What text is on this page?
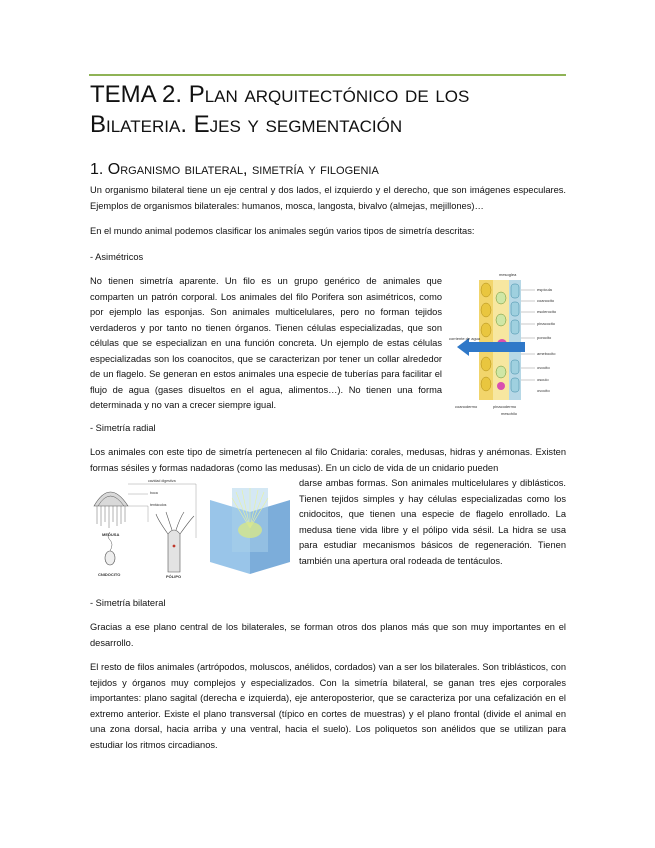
TEMA 2. Plan arquitectónico de los Bilateria. Ejes y segmentación
1. Organismo bilateral, simetría y filogenia

Un organismo bilateral tiene un eje central y dos lados, el izquierdo y el derecho, que son imágenes especulares. Ejemplos de organismos bilaterales: humanos, mosca, langosta, bivalvo (almejas, mejillones)…

En el mundo animal podemos clasificar los animales según varios tipos de simetría descritas:

- Asimétricos

No tienen simetría aparente. Un filo es un grupo genérico de animales que comparten un patrón corporal. Los animales del filo Porifera son asimétricos, como por ejemplo las esponjas. Son animales multicelulares, pero no forman tejidos verdaderos y por tanto no tienen órganos. Tienen células especializadas, que son células que se especializan en una función concreta. Un ejemplo de estas células especializadas son los coanocitos, que se caracterizan por tener un collar alrededor de un flagelo. Se generan en estos animales una especie de tuberías para facilitar el flujo de agua (gases disueltos en el agua, alimentos…). No tienen una forma determinada y no van a crecer siempre igual.

mesoglea
espícula
coanocito
esclerocito
pinacocito
porocito
amebocito
ovocito
corriente de agua
osculo
ovocito
pinacodermo
coanodermo
mesohilo

- Simetría radial

Los animales con este tipo de simetría pertenecen al filo Cnidaria: corales, medusas, hidras y anémonas. Existen formas sésiles y formas nadadoras (como las medusas). En un ciclo de vida de un cnidario pueden

darse ambas formas. Son animales multicelulares y diblásticos. Tienen tejidos simples y hay células especializadas como los cnidocitos, que tienen una especie de flagelo enrollado. La medusa tiene vida libre y el pólipo vida sésil. La hidra se usa para estudiar mecanismos básicos de regeneración. Tienen también una apertura oral rodeada de tentáculos.

MEDUSA
CNIDOCITO	PÓLIPO
cavidad digestiva
boca
tentáculos

- Simetría bilateral

Gracias a ese plano central de los bilaterales, se forman otros dos planos más que son muy importantes en el desarrollo.

El resto de filos animales (artrópodos, moluscos, anélidos, cordados) van a ser los bilaterales. Son triblásticos, con tejidos y órganos muy complejos y especializados. Con la simetría bilateral, se ganan tres ejes corporales importantes: plano sagital (derecha e izquierda), eje anteroposterior, que se caracteriza por una cefalización en el extremo anterior. Existe el plano transversal (típico en cortes de muestras) y el plano frontal (divide el animal en una zona dorsal, hacia arriba y una ventral, hacia el suelo). Los poliquetos son anélidos que se utilizan para estudiar los ritmos circadianos.
